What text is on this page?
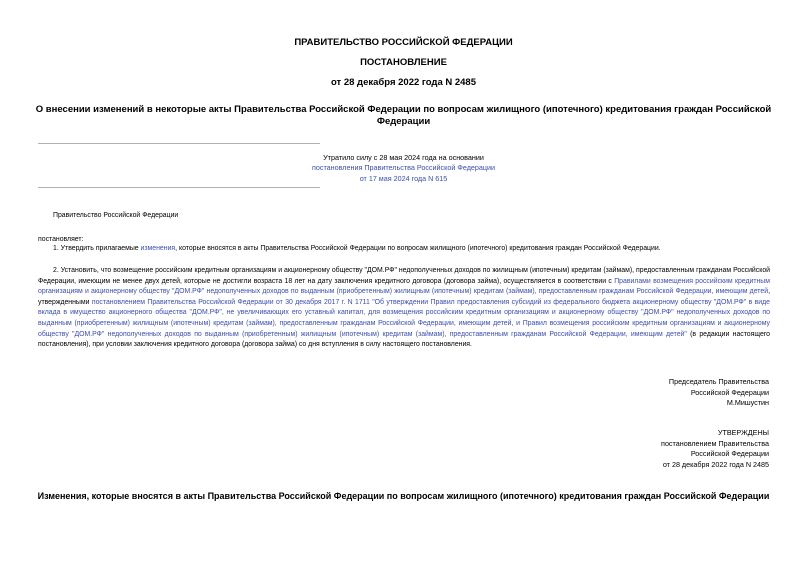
ПРАВИТЕЛЬСТВО РОССИЙСКОЙ ФЕДЕРАЦИИ
ПОСТАНОВЛЕНИЕ
от 28 декабря 2022 года N 2485
О внесении изменений в некоторые акты Правительства Российской Федерации по вопросам жилищного (ипотечного) кредитования граждан Российской
Федерации
Утратило силу с 28 мая 2024 года на основании
постановления Правительства Российской Федерации
от 17 мая 2024 года N 615
Правительство Российской Федерации
постановляет:
1. Утвердить прилагаемые изменения, которые вносятся в акты Правительства Российской Федерации по вопросам жилищного (ипотечного) кредитования граждан Российской Федерации.
2. Установить, что возмещение российским кредитным организациям и акционерному обществу "ДОМ.РФ" недополученных доходов по жилищным (ипотечным) кредитам (займам), предоставленным гражданам Российской Федерации, имеющим не менее двух детей, которые не достигли возраста 18 лет на дату заключения кредитного договора (договора займа), осуществляется в соответствии с Правилами возмещения российским кредитным организациям и акционерному обществу "ДОМ.РФ" недополученных доходов по выданным (приобретенным) жилищным (ипотечным) кредитам (займам), предоставленным гражданам Российской Федерации, имеющим детей, утвержденными постановлением Правительства Российской Федерации от 30 декабря 2017 г. N 1711 "Об утверждении Правил предоставления субсидий из федерального бюджета акционерному обществу "ДОМ.РФ" в виде вклада в имущество акционерного общества "ДОМ.РФ", не увеличивающих его уставный капитал, для возмещения российским кредитным организациям и акционерному обществу "ДОМ.РФ" недополученных доходов по выданным (приобретенным) жилищным (ипотечным) кредитам (займам), предоставленным гражданам Российской Федерации, имеющим детей, и Правил возмещения российским кредитным организациям и акционерному обществу "ДОМ.РФ" недополученных доходов по выданным (приобретенным) жилищным (ипотечным) кредитам (займам), предоставленным гражданам Российской Федерации, имеющим детей" (в редакции настоящего постановления), при условии заключения кредитного договора (договора займа) со дня вступления в силу настоящего постановления.
Председатель Правительства
Российской Федерации
М.Мишустин
УТВЕРЖДЕНЫ
постановлением Правительства
Российской Федерации
от 28 декабря 2022 года N 2485
Изменения, которые вносятся в акты Правительства Российской Федерации по вопросам жилищного (ипотечного) кредитования граждан Российской Федерации
